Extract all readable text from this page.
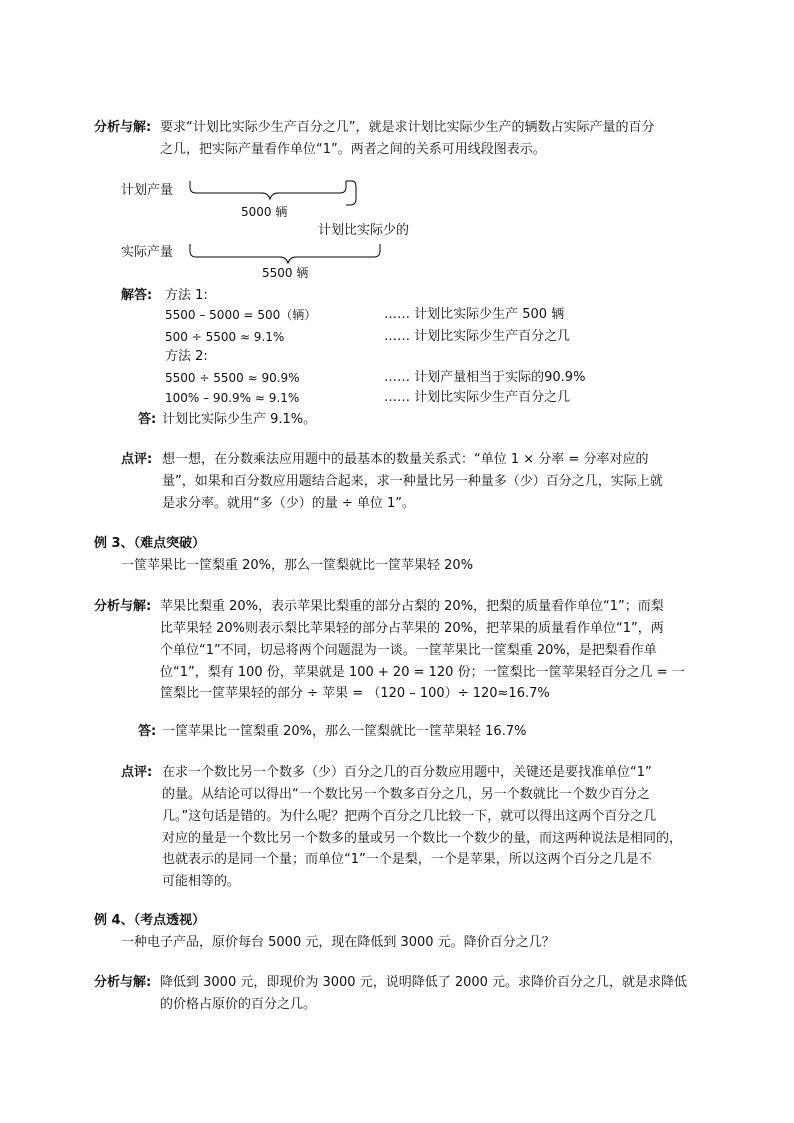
分析与解: 要求“计划比实际少生产百分之几”，就是求计划比实际少生产的辆数占实际产量的百分
之几，把实际产量看作单位“1”。两者之间的关系可用线段图表示。
计划产量
5000 辆
计划比实际少的
实际产量
5500 辆
解答: 方法 1:
5500 – 5000 = 500（辆）	…… 计划比实际少生产 500 辆
500 ÷ 5500 ≈ 9.1%	…… 计划比实际少生产百分之几
方法 2:
5500 ÷ 5500 ≈ 90.9%	…… 计划产量相当于实际的90.9%
100% – 90.9% ≈ 9.1%	…… 计划比实际少生产百分之几
答: 计划比实际少生产 9.1%。
点评: 想一想，在分数乘法应用题中的最基本的数量关系式：“单位 1 × 分率 = 分率对应的
量”，如果和百分数应用题结合起来，求一种量比另一种量多（少）百分之几，实际上就
是求分率。就用“多（少）的量 ÷ 单位 1”。
例 3、（难点突破）
一筐苹果比一筐梨重 20%，那么一筐梨就比一筐苹果轻 20%
分析与解: 苹果比梨重 20%，表示苹果比梨重的部分占梨的 20%，把梨的质量看作单位“1”；而梨
比苹果轻 20%则表示梨比苹果轻的部分占苹果的 20%，把苹果的质量看作单位“1”，两
个单位“1”不同，切忌将两个问题混为一谈。一筐苹果比一筐梨重 20%，是把梨看作单
位“1”，梨有 100 份，苹果就是 100 + 20 = 120 份；一筐梨比一筐苹果轻百分之几 = 一
筐梨比一筐苹果轻的部分 ÷ 苹果 = （120 – 100）÷ 120≈16.7%
答: 一筐苹果比一筐梨重 20%，那么一筐梨就比一筐苹果轻 16.7%
点评: 在求一个数比另一个数多（少）百分之几的百分数应用题中，关键还是要找准单位“1”
的量。从结论可以得出“一个数比另一个数多百分之几，另一个数就比一个数少百分之
几。”这句话是错的。为什么呢？把两个百分之几比较一下，就可以得出这两个百分之几
对应的量是一个数比另一个数多的量或另一个数比一个数少的量，而这两种说法是相同的，
也就表示的是同一个量；而单位“1”一个是梨，一个是苹果，所以这两个百分之几是不
可能相等的。
例 4、（考点透视）
一种电子产品，原价每台 5000 元，现在降低到 3000 元。降价百分之几？
分析与解: 降低到 3000 元，即现价为 3000 元，说明降低了 2000 元。求降价百分之几，就是求降低
的价格占原价的百分之几。
